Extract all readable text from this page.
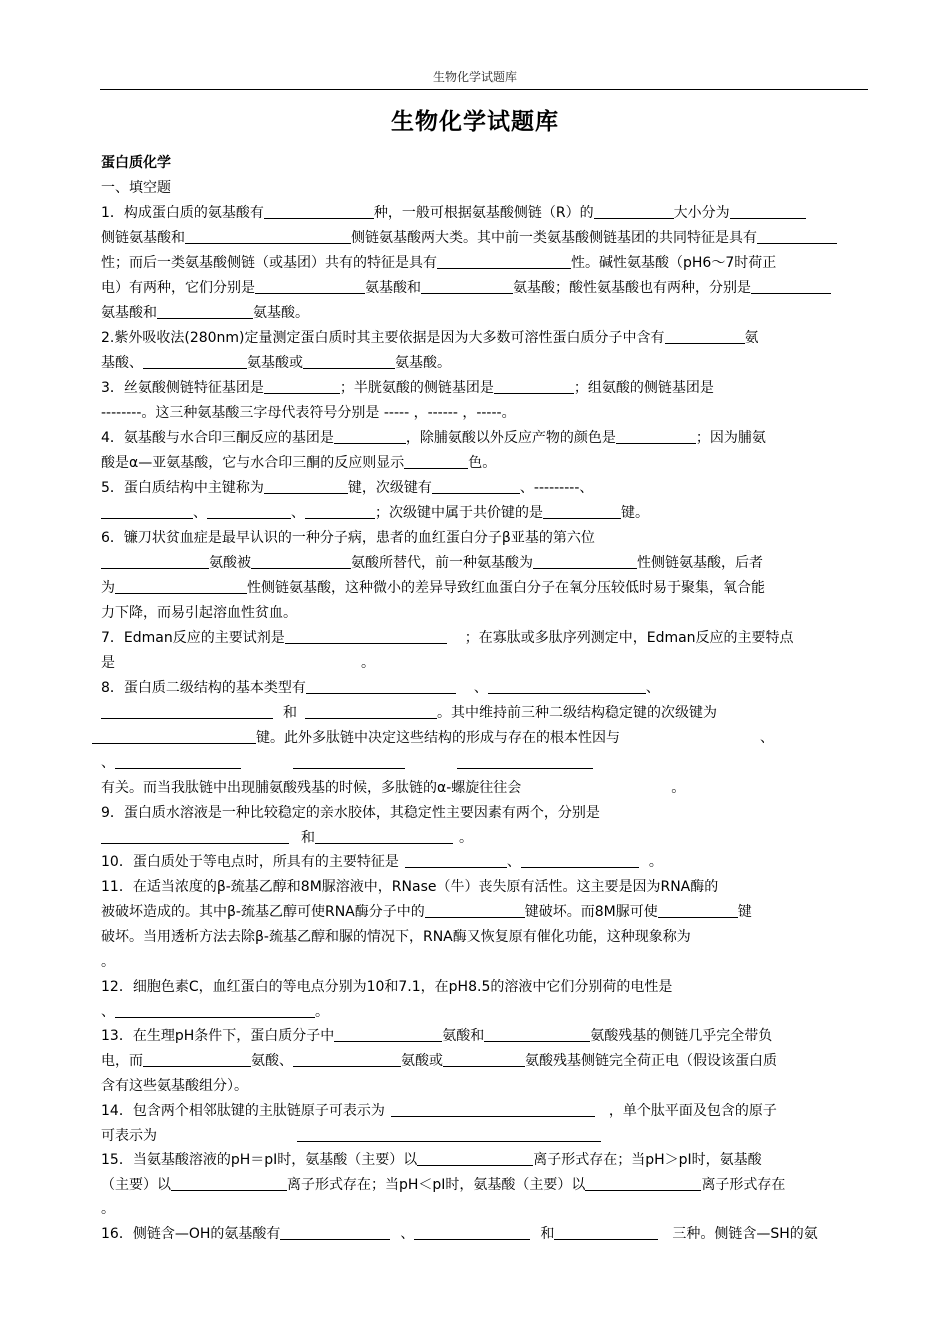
生物化学试题库
生物化学试题库
蛋白质化学
一、填空题
1．构成蛋白质的氨基酸有	种，一般可根据氨基酸侧链（R）的	大小分为
侧链氨基酸和	侧链氨基酸两大类。其中前一类氨基酸侧链基团的共同特征是具有
性；而后一类氨基酸侧链（或基团）共有的特征是具有	性。碱性氨基酸（pH6～7时荷正
电）有两种，它们分别是	氨基酸和	氨基酸；酸性氨基酸也有两种，分别是
氨基酸和	氨基酸。
2.紫外吸收法(280nm)定量测定蛋白质时其主要依据是因为大多数可溶性蛋白质分子中含有	氨
基酸、	氨基酸或	氨基酸。
3．丝氨酸侧链特征基团是	；半胱氨酸的侧链基团是	；组氨酸的侧链基团是
--------。这三种氨基酸三字母代表符号分别是 ----- ，------ ，-----。
4．氨基酸与水合印三酮反应的基团是	，除脯氨酸以外反应产物的颜色是	；因为脯氨
酸是α—亚氨基酸，它与水合印三酮的反应则显示	色。
5．蛋白质结构中主键称为	键，次级键有	、---------、
、	、	；次级键中属于共价键的是	键。
6．镰刀状贫血症是最早认识的一种分子病，患者的血红蛋白分子β亚基的第六位
氨酸被	氨酸所替代，前一种氨基酸为	性侧链氨基酸，后者
为	性侧链氨基酸，这种微小的差异导致红血蛋白分子在氧分压较低时易于聚集，氧合能
力下降，而易引起溶血性贫血。
7．Edman反应的主要试剂是	；在寡肽或多肽序列测定中，Edman反应的主要特点
是	。
8．蛋白质二级结构的基本类型有	、	、
和	。其中维持前三种二级结构稳定键的次级键为
键。此外多肽链中决定这些结构的形成与存在的根本性因与	、
、
有关。而当我肽链中出现脯氨酸残基的时候，多肽链的α-螺旋往往会	。
9．蛋白质水溶液是一种比较稳定的亲水胶体，其稳定性主要因素有两个，分别是
和	。
10．蛋白质处于等电点时，所具有的主要特征是	、	。
11．在适当浓度的β-巯基乙醇和8M脲溶液中，RNase（牛）丧失原有活性。这主要是因为RNA酶的
被破坏造成的。其中β-巯基乙醇可使RNA酶分子中的	键破坏。而8M脲可使	键
破坏。当用透析方法去除β-巯基乙醇和脲的情况下，RNA酶又恢复原有催化功能，这种现象称为
。
12．细胞色素C，血红蛋白的等电点分别为10和7.1，在pH8.5的溶液中它们分别荷的电性是
、	。
13．在生理pH条件下，蛋白质分子中	氨酸和	氨酸残基的侧链几乎完全带负
电，而	氨酸、	氨酸或	氨酸残基侧链完全荷正电（假设该蛋白质
含有这些氨基酸组分）。
14．包含两个相邻肽键的主肽链原子可表示为	，单个肽平面及包含的原子
可表示为
15．当氨基酸溶液的pH＝pI时，氨基酸（主要）以	离子形式存在；当pH＞pI时，氨基酸
（主要）以	离子形式存在；当pH＜pI时，氨基酸（主要）以	离子形式存在
。
16．侧链含—OH的氨基酸有	、	和	三种。侧链含—SH的氨
